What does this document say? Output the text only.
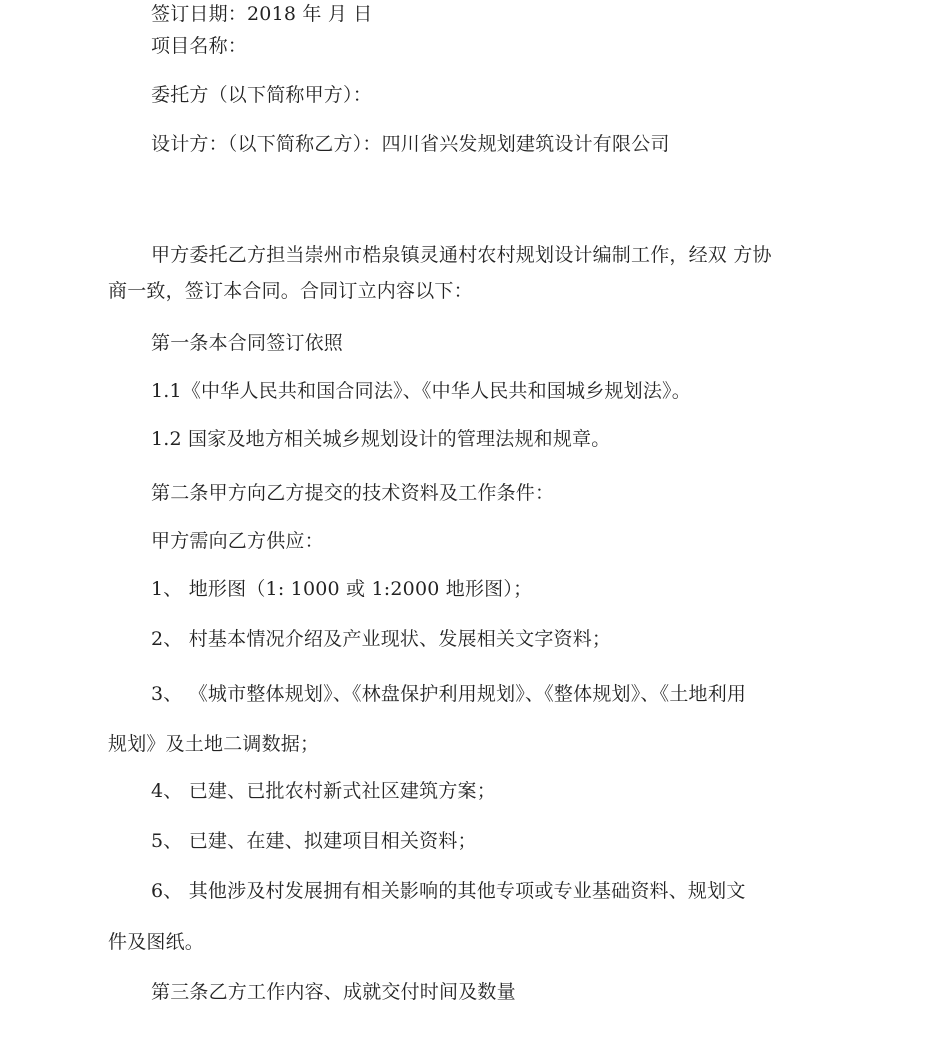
签订日期：2018 年 月 日
项目名称：
委托方（以下简称甲方）：
设计方：（以下简称乙方）：四川省兴发规划建筑设计有限公司
甲方委托乙方担当崇州市梏泉镇灵通村农村规划设计编制工作，经双 方协
商一致，签订本合同。合同订立内容以下：
第一条本合同签订依照
1.1《中华人民共和国合同法》、《中华人民共和国城乡规划法》。
1.2 国家及地方相关城乡规划设计的管理法规和规章。
第二条甲方向乙方提交的技术资料及工作条件：
甲方需向乙方供应：
1、 地形图（1: 1000 或 1:2000 地形图）；
2、 村基本情况介绍及产业现状、发展相关文字资料；
3、 《城市整体规划》、《林盘保护利用规划》、《整体规划》、《土地利用
规划》及土地二调数据；
4、 已建、已批农村新式社区建筑方案；
5、 已建、在建、拟建项目相关资料；
6、 其他涉及村发展拥有相关影响的其他专项或专业基础资料、规划文
件及图纸。
第三条乙方工作内容、成就交付时间及数量
